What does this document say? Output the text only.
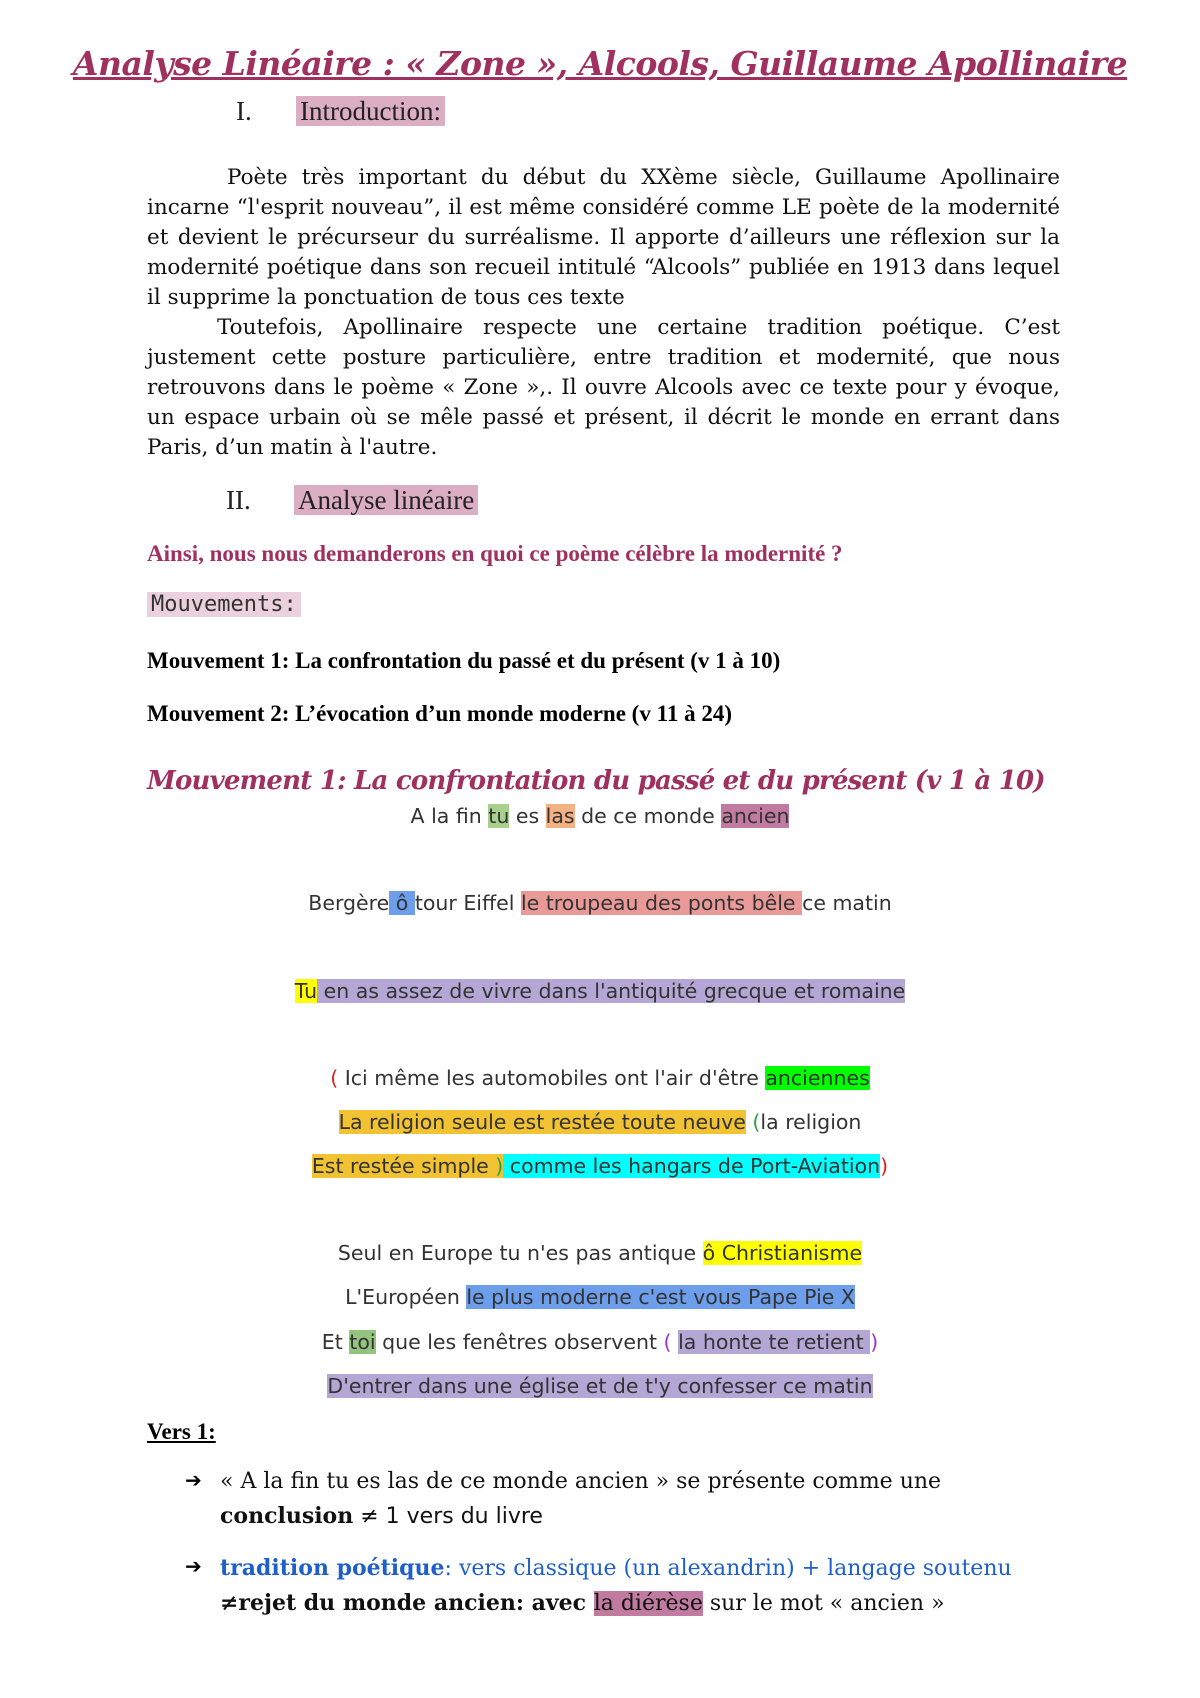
Analyse Linéaire : « Zone », Alcools, Guillaume Apollinaire
I. Introduction:

Poète très important du début du XXème siècle, Guillaume Apollinaire incarne “l'esprit nouveau”, il est même considéré comme LE poète de la modernité et devient le précurseur du surréalisme. Il apporte d’ailleurs une réflexion sur la modernité poétique dans son recueil intitulé “Alcools” publiée en 1913 dans lequel il supprime la ponctuation de tous ces texte

Toutefois, Apollinaire respecte une certaine tradition poétique. C’est justement cette posture particulière, entre tradition et modernité, que nous retrouvons dans le poème « Zone »,. Il ouvre Alcools avec ce texte pour y évoque, un espace urbain où se mêle passé et présent, il décrit le monde en errant dans Paris, d’un matin à l'autre.

II. Analyse linéaire
Ainsi, nous nous demanderons en quoi ce poème célèbre la modernité ?
Mouvements:
Mouvement 1: La confrontation du passé et du présent (v 1 à 10)
Mouvement 2: L’évocation d’un monde moderne (v 11 à 24)
Mouvement 1: La confrontation du passé et du présent (v 1 à 10)
A la fin tu es las de ce monde ancien
Bergère ô tour Eiffel le troupeau des ponts bêle ce matin
Tu en as assez de vivre dans l'antiquité grecque et romaine
( Ici même les automobiles ont l'air d'être anciennes
La religion seule est restée toute neuve (la religion
Est restée simple ) comme les hangars de Port-Aviation)
Seul en Europe tu n'es pas antique ô Christianisme
L'Européen le plus moderne c'est vous Pape Pie X
Et toi que les fenêtres observent ( la honte te retient )
D'entrer dans une église et de t'y confesser ce matin
Vers 1:
➔ « A la fin tu es las de ce monde ancien » se présente comme une
conclusion ≠ 1 vers du livre
➔ tradition poétique: vers classique (un alexandrin) + langage soutenu
≠rejet du monde ancien: avec la diérèse sur le mot « ancien »
